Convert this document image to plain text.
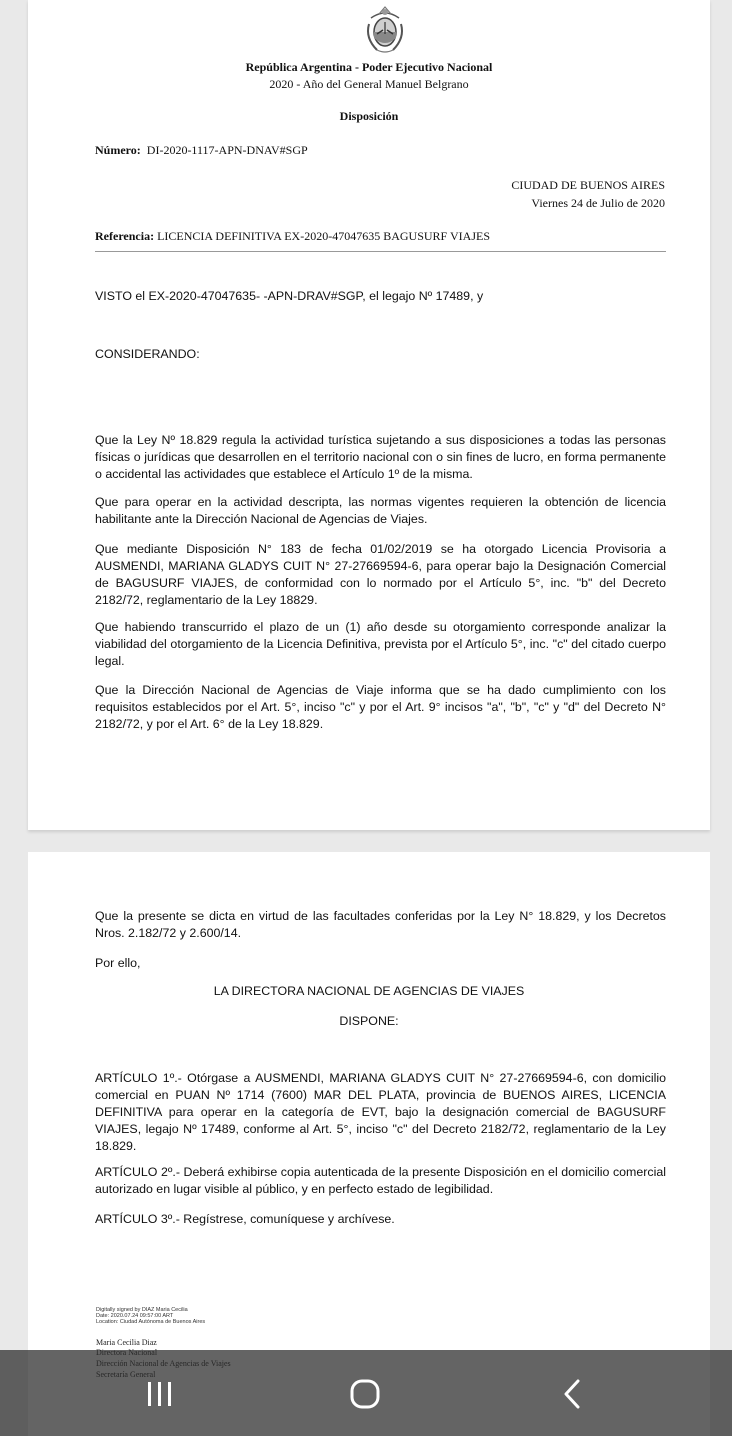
República Argentina - Poder Ejecutivo Nacional
2020 - Año del General Manuel Belgrano
Disposición
Número: DI-2020-1117-APN-DNAV#SGP
CIUDAD DE BUENOS AIRES
Viernes 24 de Julio de 2020
Referencia: LICENCIA DEFINITIVA EX-2020-47047635 BAGUSURF VIAJES
VISTO el EX-2020-47047635- -APN-DRAV#SGP, el legajo Nº 17489, y
CONSIDERANDO:
Que la Ley Nº 18.829 regula la actividad turística sujetando a sus disposiciones a todas las personas físicas o jurídicas que desarrollen en el territorio nacional con o sin fines de lucro, en forma permanente o accidental las actividades que establece el Artículo 1º de la misma.
Que para operar en la actividad descripta, las normas vigentes requieren la obtención de licencia habilitante ante la Dirección Nacional de Agencias de Viajes.
Que mediante Disposición N° 183 de fecha 01/02/2019 se ha otorgado Licencia Provisoria a AUSMENDI, MARIANA GLADYS CUIT N° 27-27669594-6, para operar bajo la Designación Comercial de BAGUSURF VIAJES, de conformidad con lo normado por el Artículo 5°, inc. "b" del Decreto 2182/72, reglamentario de la Ley 18829.
Que habiendo transcurrido el plazo de un (1) año desde su otorgamiento corresponde analizar la viabilidad del otorgamiento de la Licencia Definitiva, prevista por el Artículo 5°, inc. "c" del citado cuerpo legal.
Que la Dirección Nacional de Agencias de Viaje informa que se ha dado cumplimiento con los requisitos establecidos por el Art. 5°, inciso "c" y por el Art. 9° incisos "a", "b", "c" y "d" del Decreto N° 2182/72, y por el Art. 6° de la Ley 18.829.
Que la presente se dicta en virtud de las facultades conferidas por la Ley N° 18.829, y los Decretos Nros. 2.182/72 y 2.600/14.
Por ello,
LA DIRECTORA NACIONAL DE AGENCIAS DE VIAJES
DISPONE:
ARTÍCULO 1º.- Otórgase a AUSMENDI, MARIANA GLADYS CUIT N° 27-27669594-6, con domicilio comercial en PUAN Nº 1714 (7600) MAR DEL PLATA, provincia de BUENOS AIRES, LICENCIA DEFINITIVA para operar en la categoría de EVT, bajo la designación comercial de BAGUSURF VIAJES, legajo Nº 17489, conforme al Art. 5°, inciso "c" del Decreto 2182/72, reglamentario de la Ley 18.829.
ARTÍCULO 2º.- Deberá exhibirse copia autenticada de la presente Disposición en el domicilio comercial autorizado en lugar visible al público, y en perfecto estado de legibilidad.
ARTÍCULO 3º.- Regístrese, comuníquese y archívese.
Digitally signed by DIAZ Maria Cecilia
Date: 2020.07.24 09:57:00 ART
Location: Ciudad Autónoma de Buenos Aires
Maria Cecilia Diaz
